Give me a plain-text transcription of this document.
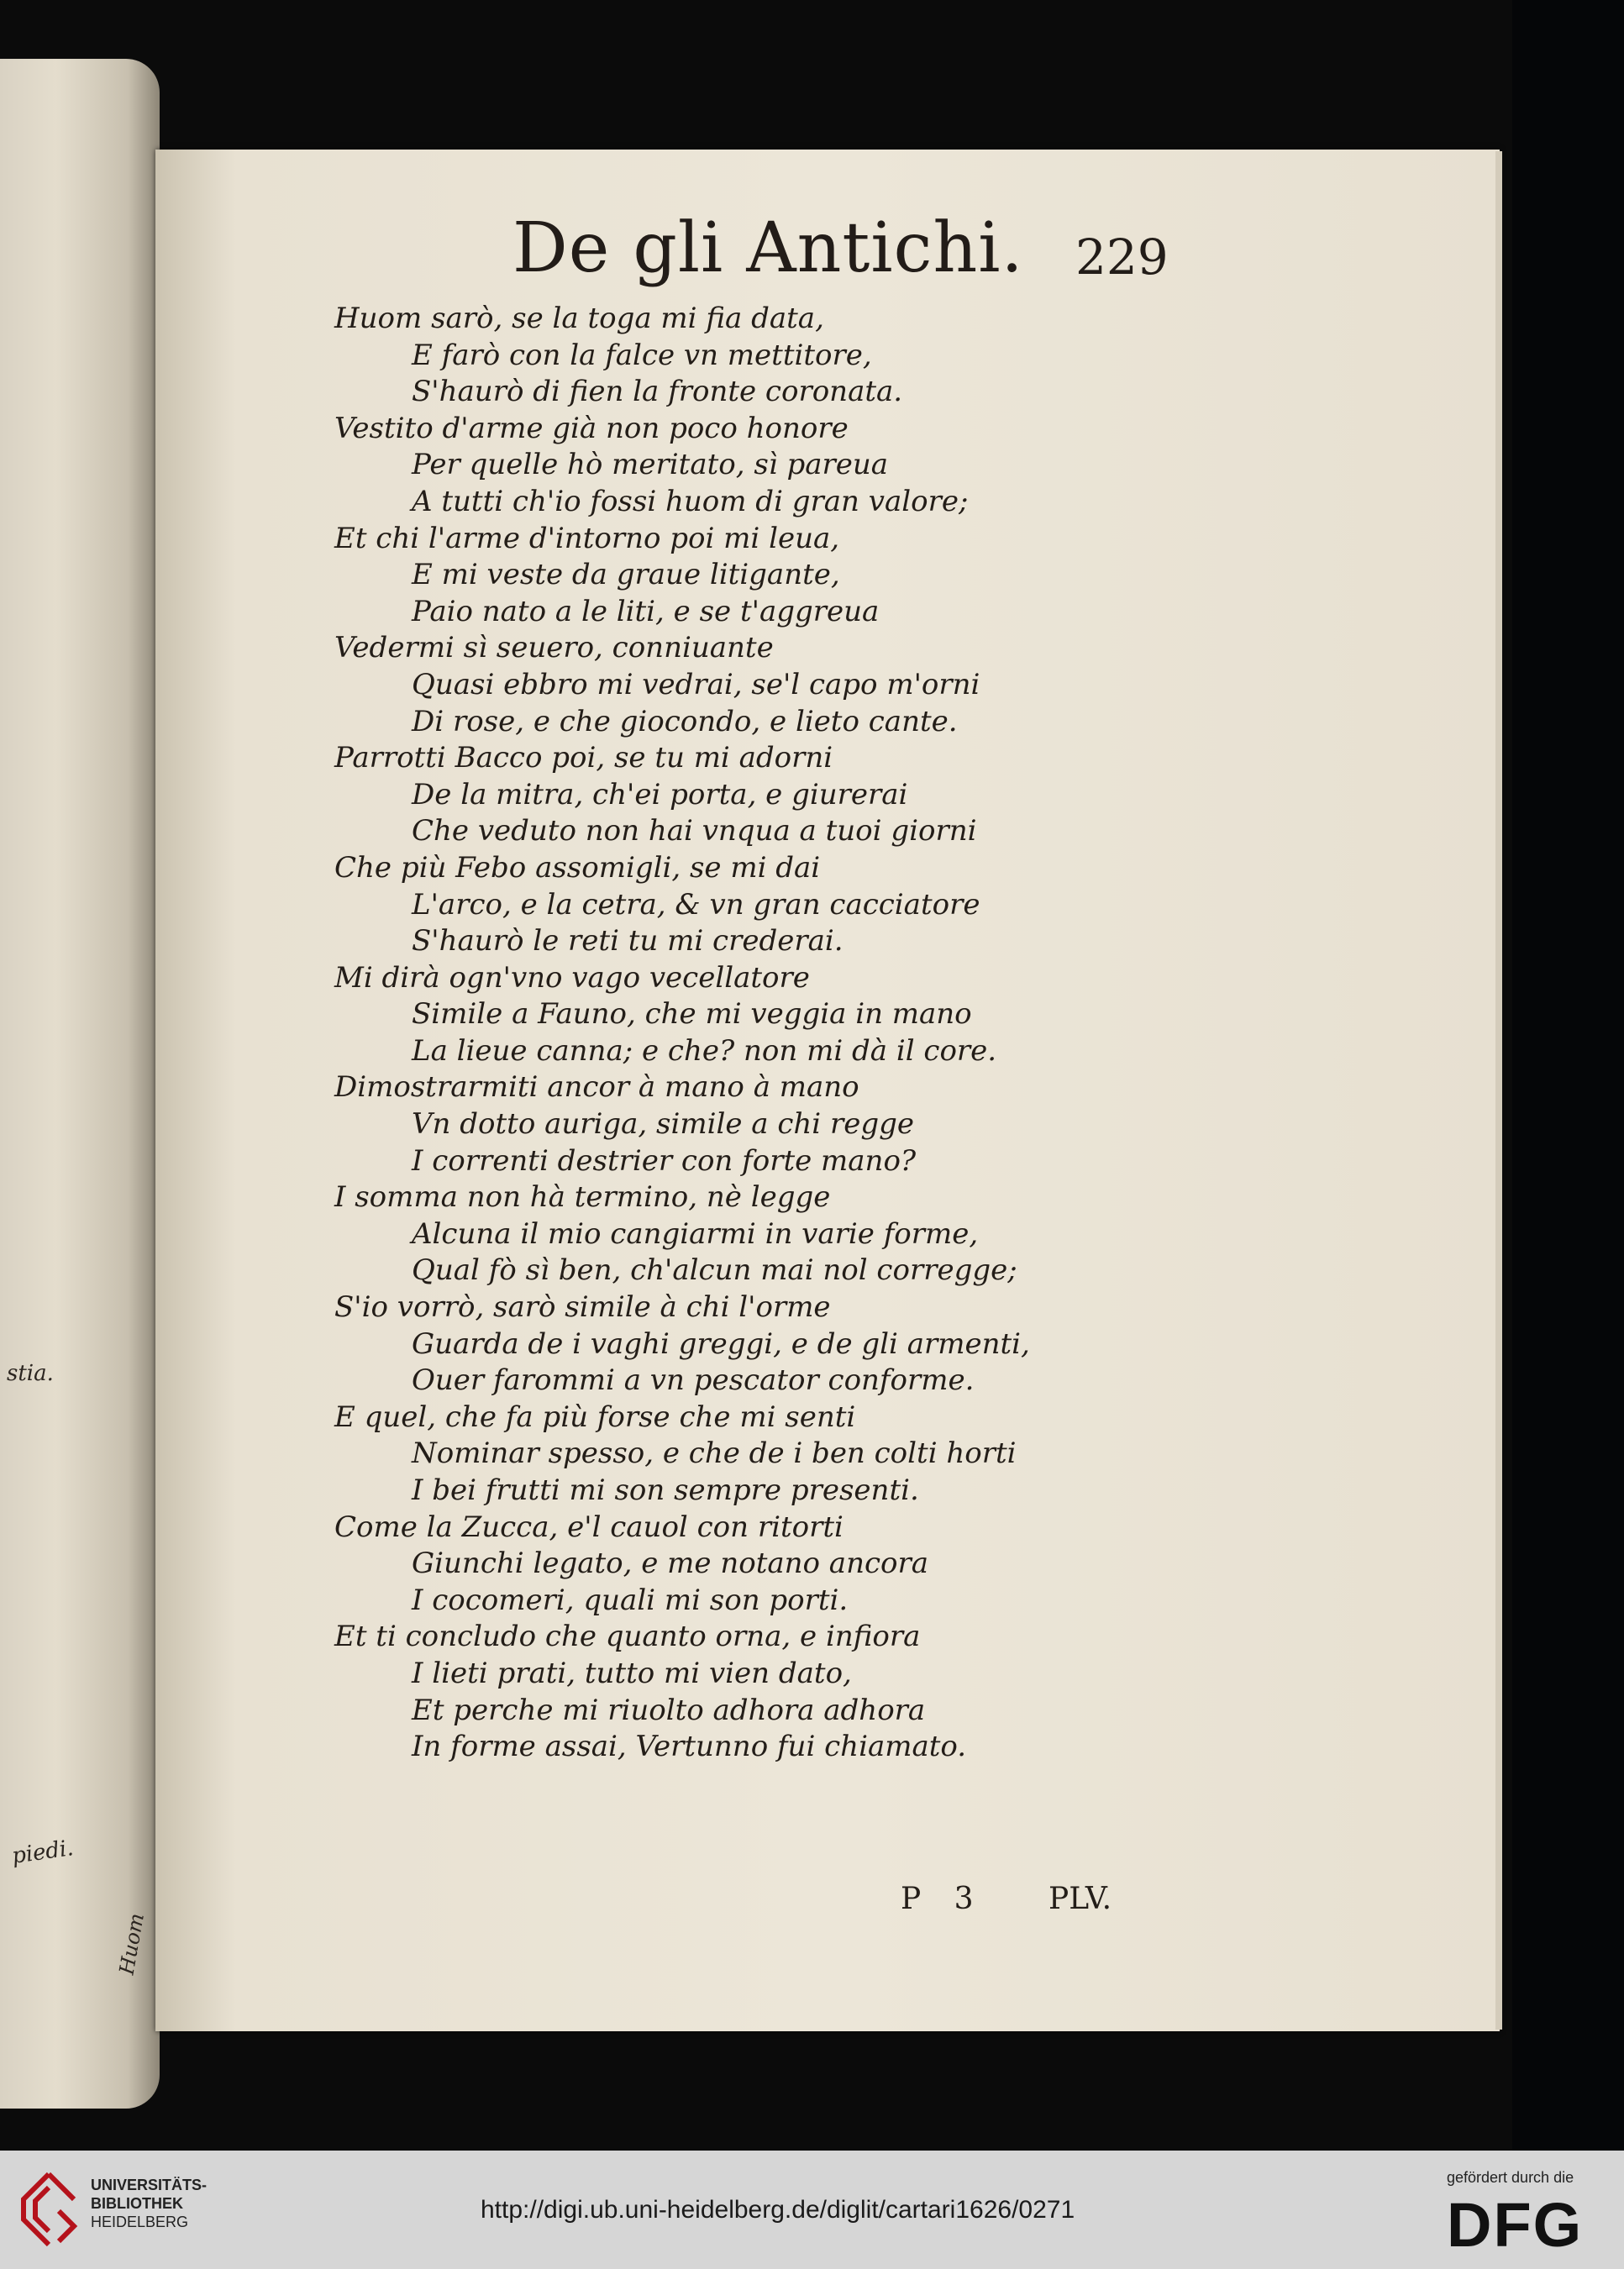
stia.
piedi.
Huom
De gli Antichi. 229
Huom sarò, se la toga mi fia data,
E farò con la falce vn mettitore,
S'haurò di fien la fronte coronata.
Vestito d'arme già non poco honore
Per quelle hò meritato, sì pareua
A tutti ch'io fossi huom di gran valore;
Et chi l'arme d'intorno poi mi leua,
E mi veste da graue litigante,
Paio nato a le liti, e se t'aggreua
Vedermi sì seuero, conniuante
Quasi ebbro mi vedrai, se'l capo m'orni
Di rose, e che giocondo, e lieto cante.
Parrotti Bacco poi, se tu mi adorni
De la mitra, ch'ei porta, e giurerai
Che veduto non hai vnqua a tuoi giorni
Che più Febo assomigli, se mi dai
L'arco, e la cetra, & vn gran cacciatore
S'haurò le reti tu mi crederai.
Mi dirà ogn'vno vago vecellatore
Simile a Fauno, che mi veggia in mano
La lieue canna; e che? non mi dà il core.
Dimostrarmiti ancor à mano à mano
Vn dotto auriga, simile a chi regge
I correnti destrier con forte mano?
I somma non hà termino, nè legge
Alcuna il mio cangiarmi in varie forme,
Qual fò sì ben, ch'alcun mai nol corregge;
S'io vorrò, sarò simile à chi l'orme
Guarda de i vaghi greggi, e de gli armenti,
Ouer farommi a vn pescator conforme.
E quel, che fa più forse che mi senti
Nominar spesso, e che de i ben colti horti
I bei frutti mi son sempre presenti.
Come la Zucca, e'l cauol con ritorti
Giunchi legato, e me notano ancora
I cocomeri, quali mi son porti.
Et ti concludo che quanto orna, e infiora
I lieti prati, tutto mi vien dato,
Et perche mi riuolto adhora adhora
In forme assai, Vertunno fui chiamato.
P 3 PLV.
UNIVERSITÄTS-
BIBLIOTHEK
HEIDELBERG	http://digi.ub.uni-heidelberg.de/diglit/cartari1626/0271
gefördert durch die
DFG
